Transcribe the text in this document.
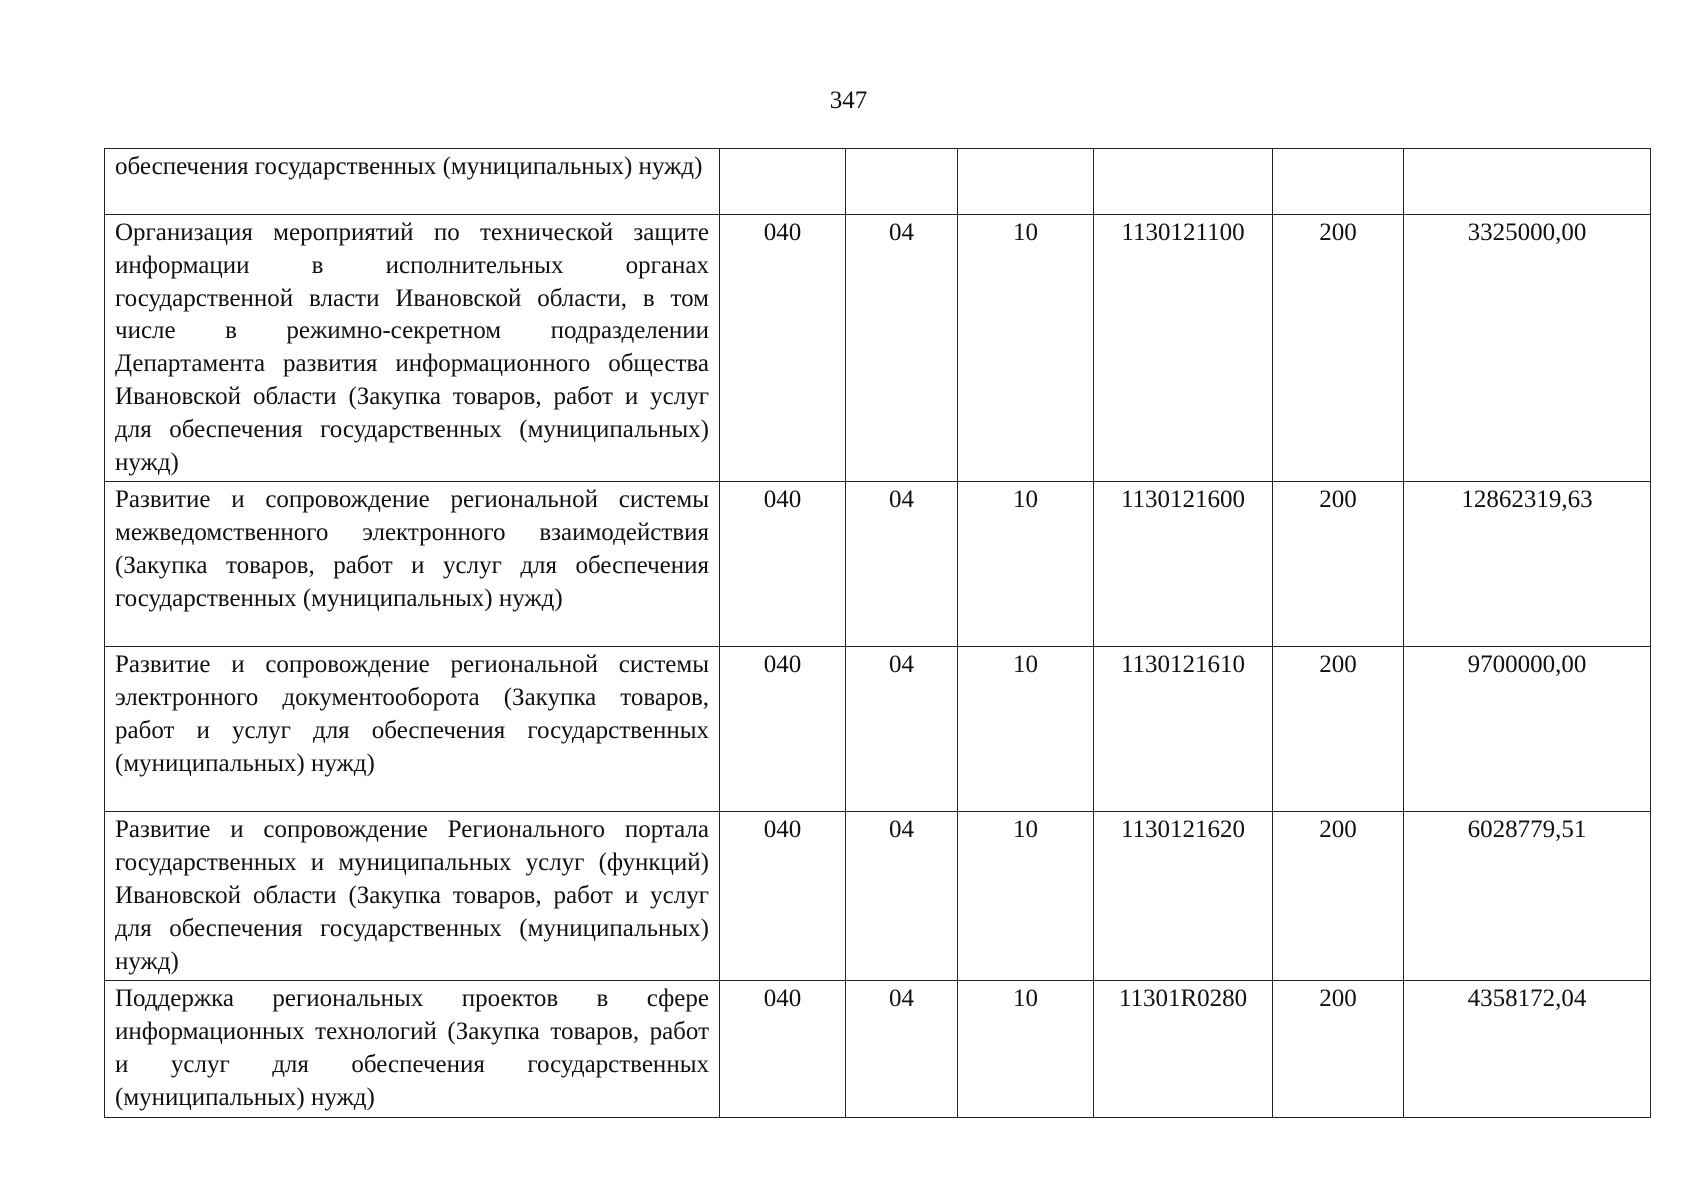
347
обеспечения государственных (муниципальных) нужд)						
Организация мероприятий по технической защите информации в исполнительных органах государственной власти Ивановской области, в том числе в режимно-секретном подразделении Департамента развития информационного общества Ивановской области (Закупка товаров, работ и услуг для обеспечения государственных (муниципальных) нужд)	040	04	10	1130121100	200	3325000,00
Развитие и сопровождение региональной системы межведомственного электронного взаимодействия (Закупка товаров, работ и услуг для обеспечения государственных (муниципальных) нужд)	040	04	10	1130121600	200	12862319,63
Развитие и сопровождение региональной системы электронного документооборота (Закупка товаров, работ и услуг для обеспечения государственных (муниципальных) нужд)	040	04	10	1130121610	200	9700000,00
Развитие и сопровождение Регионального портала государственных и муниципальных услуг (функций) Ивановской области (Закупка товаров, работ и услуг для обеспечения государственных (муниципальных) нужд)	040	04	10	1130121620	200	6028779,51
Поддержка региональных проектов в сфере информационных технологий (Закупка товаров, работ и услуг для обеспечения государственных (муниципальных) нужд)	040	04	10	11301R0280	200	4358172,04
